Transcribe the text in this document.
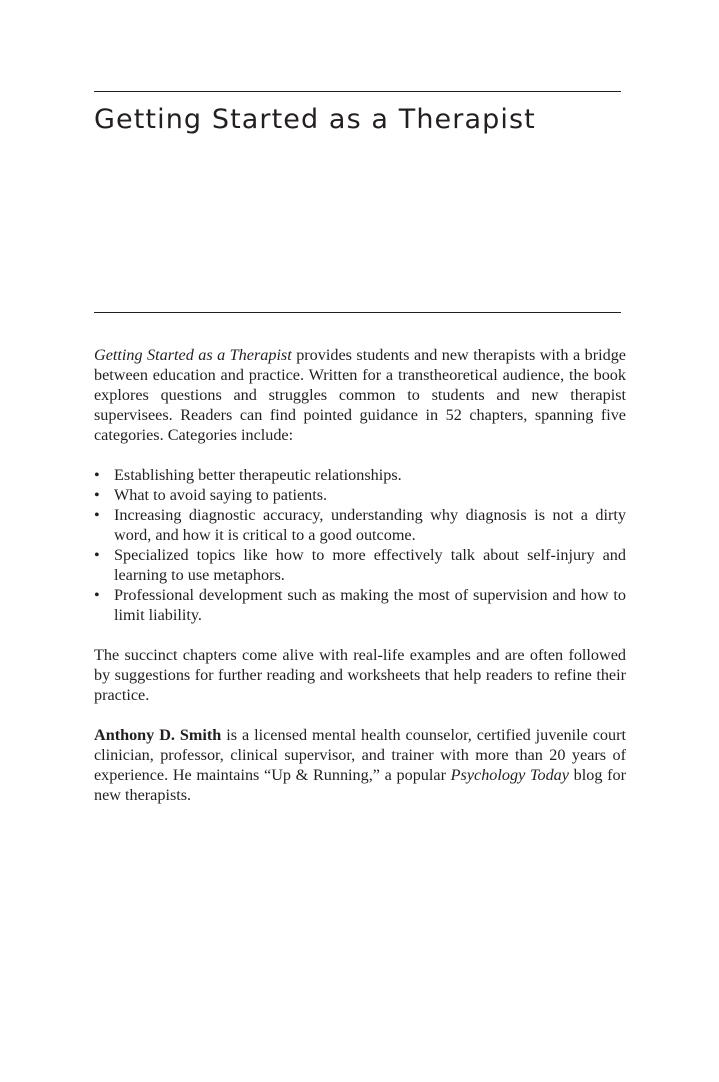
Getting Started as a Therapist

Getting Started as a Therapist provides students and new therapists with a bridge between education and practice. Written for a transtheoretical audience, the book explores questions and struggles common to students and new therapist supervisees. Readers can find pointed guidance in 52 chapters, spanning five categories. Categories include:

• Establishing better therapeutic relationships.
• What to avoid saying to patients.
• Increasing diagnostic accuracy, understanding why diagnosis is not a dirty word, and how it is critical to a good outcome.
• Specialized topics like how to more effectively talk about self-injury and learning to use metaphors.
• Professional development such as making the most of supervision and how to limit liability.

The succinct chapters come alive with real-life examples and are often followed by suggestions for further reading and worksheets that help readers to refine their practice.

Anthony D. Smith is a licensed mental health counselor, certified juvenile court clinician, professor, clinical supervisor, and trainer with more than 20 years of experience. He maintains “Up & Running,” a popular Psychology Today blog for new therapists.
